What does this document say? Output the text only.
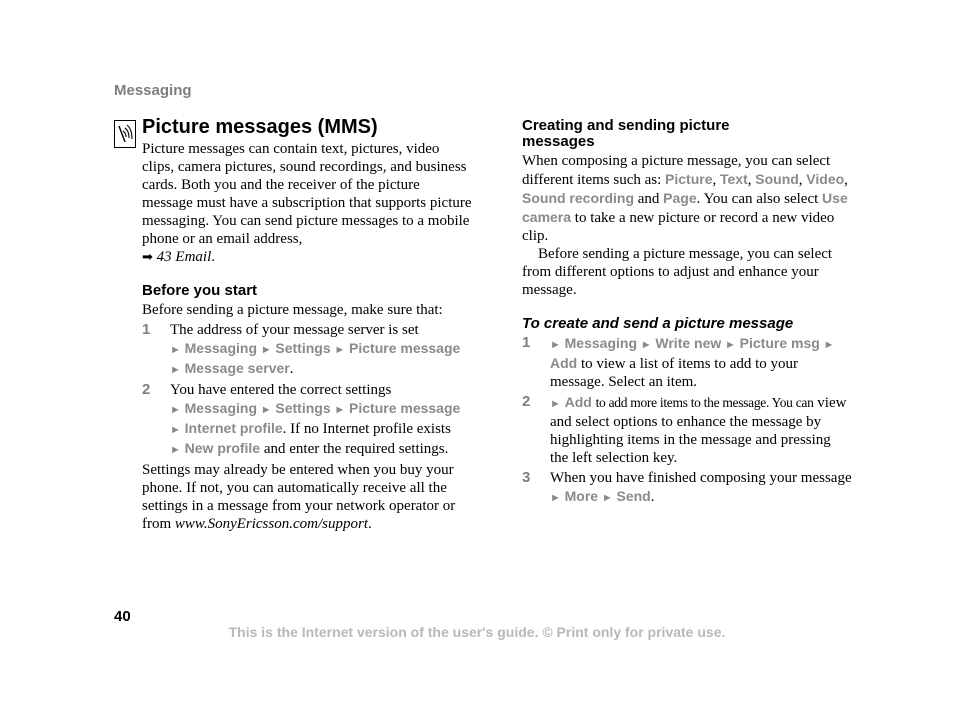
Messaging
Picture messages (MMS)

Picture messages can contain text, pictures, video clips, camera pictures, sound recordings, and business cards. Both you and the receiver of the picture message must have a subscription that supports picture messaging. You can send picture messages to a mobile phone or an email address,
➡ 43 Email.

Before you start

Before sending a picture message, make sure that:

1 The address of your message server is set
► Messaging ► Settings ► Picture message
► Message server.
2 You have entered the correct settings
► Messaging ► Settings ► Picture message
► Internet profile. If no Internet profile exists
► New profile and enter the required settings.

Settings may already be entered when you buy your phone. If not, you can automatically receive all the settings in a message from your network operator or from www.SonyEricsson.com/support.

Creating and sending picture messages

When composing a picture message, you can select different items such as: Picture, Text, Sound, Video, Sound recording and Page. You can also select Use camera to take a new picture or record a new video clip.

Before sending a picture message, you can select from different options to adjust and enhance your message.

To create and send a picture message
1 ► Messaging ► Write new ► Picture msg ► Add to view a list of items to add to your message. Select an item.
2 ► Add to add more items to the message. You can view and select options to enhance the message by highlighting items in the message and pressing the left selection key.
3 When you have finished composing your message ► More ► Send.
40
This is the Internet version of the user's guide. © Print only for private use.
